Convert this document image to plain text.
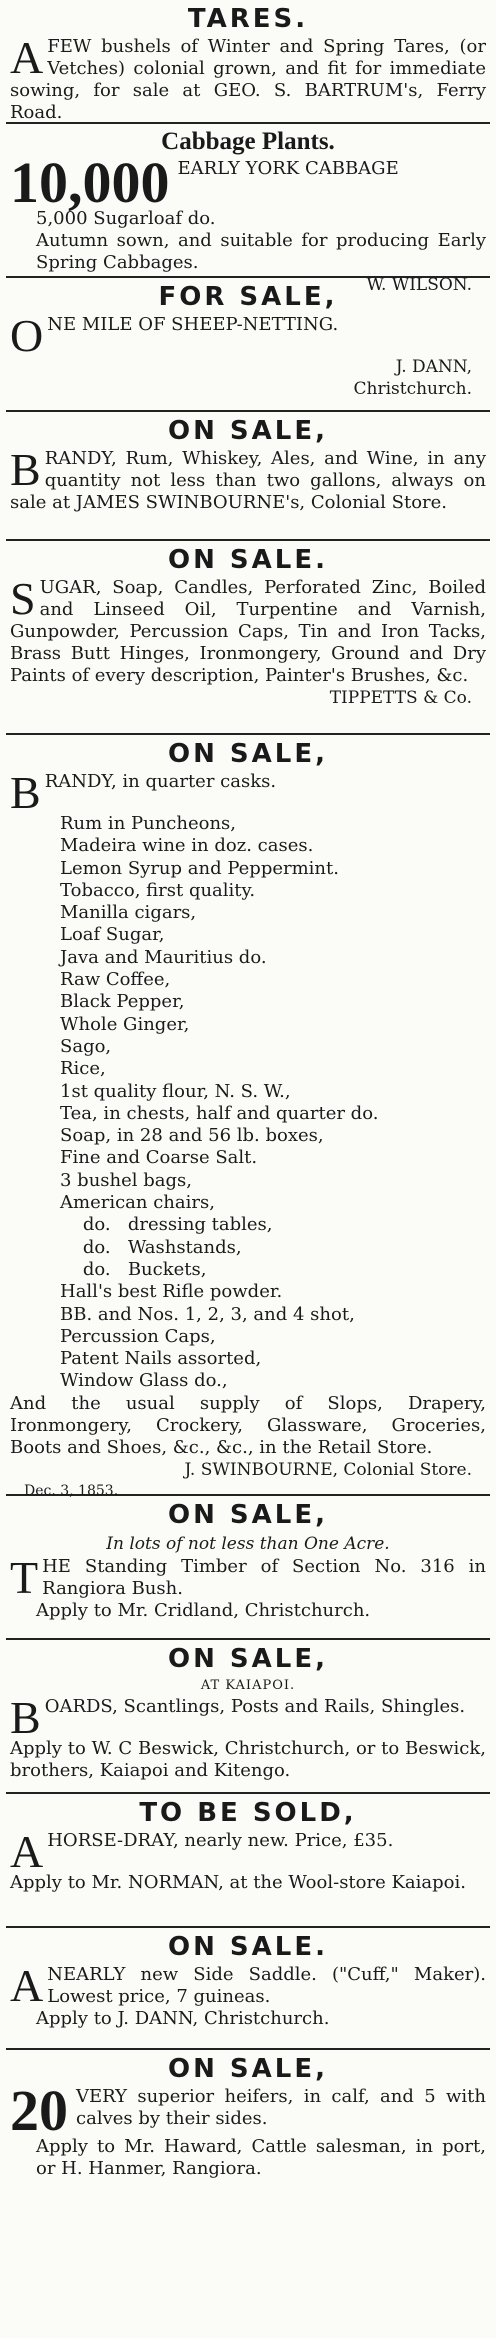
TARES.
A FEW bushels of Winter and Spring Tares, (or Vetches) colonial grown, and fit for immediate sowing, for sale at GEO. S. BARTRUM's, Ferry Road.
Cabbage Plants.
10,000 EARLY YORK CABBAGE
5,000 Sugarloaf do.
Autumn sown, and suitable for producing Early Spring Cabbages.
W. WILSON.
FOR SALE,
O NE MILE OF SHEEP-NETTING.
J. DANN,
Christchurch.
ON SALE,
B RANDY, Rum, Whiskey, Ales, and Wine, in any quantity not less than two gallons, always on sale at JAMES SWINBOURNE's, Colonial Store.
ON SALE.
S UGAR, Soap, Candles, Perforated Zinc, Boiled and Linseed Oil, Turpentine and Varnish, Gunpowder, Percussion Caps, Tin and Iron Tacks, Brass Butt Hinges, Ironmongery, Ground and Dry Paints of every description, Painter's Brushes, &c.
TIPPETTS & Co.
ON SALE,
B RANDY, in quarter casks.
Rum in Puncheons,
Madeira wine in doz. cases.
Lemon Syrup and Peppermint.
Tobacco, first quality.
Manilla cigars,
Loaf Sugar,
Java and Mauritius do.
Raw Coffee,
Black Pepper,
Whole Ginger,
Sago,
Rice,
1st quality flour, N. S. W.,
Tea, in chests, half and quarter do.
Soap, in 28 and 56 lb. boxes,
Fine and Coarse Salt.
3 bushel bags,
American chairs,
do.   dressing tables,
do.   Washstands,
do.   Buckets,
Hall's best Rifle powder.
BB. and Nos. 1, 2, 3, and 4 shot,
Percussion Caps,
Patent Nails assorted,
Window Glass do.,
And the usual supply of Slops, Drapery, Ironmongery, Crockery, Glassware, Groceries, Boots and Shoes, &c., &c., in the Retail Store.
J. SWINBOURNE, Colonial Store.
Dec. 3, 1853.
ON SALE,
In lots of not less than One Acre.
T HE Standing Timber of Section No. 316 in Rangiora Bush.
Apply to Mr. Cridland, Christchurch.
ON SALE,
AT KAIAPOI.
B OARDS, Scantlings, Posts and Rails, Shingles.
Apply to W. C Beswick, Christchurch, or to Beswick, brothers, Kaiapoi and Kitengo.
TO BE SOLD,
A HORSE-DRAY, nearly new. Price, £35.
Apply to Mr. NORMAN, at the Wool-store Kaiapoi.
ON SALE.
A NEARLY new Side Saddle. ("Cuff," Maker). Lowest price, 7 guineas.
Apply to J. DANN, Christchurch.
ON SALE,
20 VERY superior heifers, in calf, and 5 with calves by their sides.
Apply to Mr. Haward, Cattle salesman, in port, or H. Hanmer, Rangiora.
